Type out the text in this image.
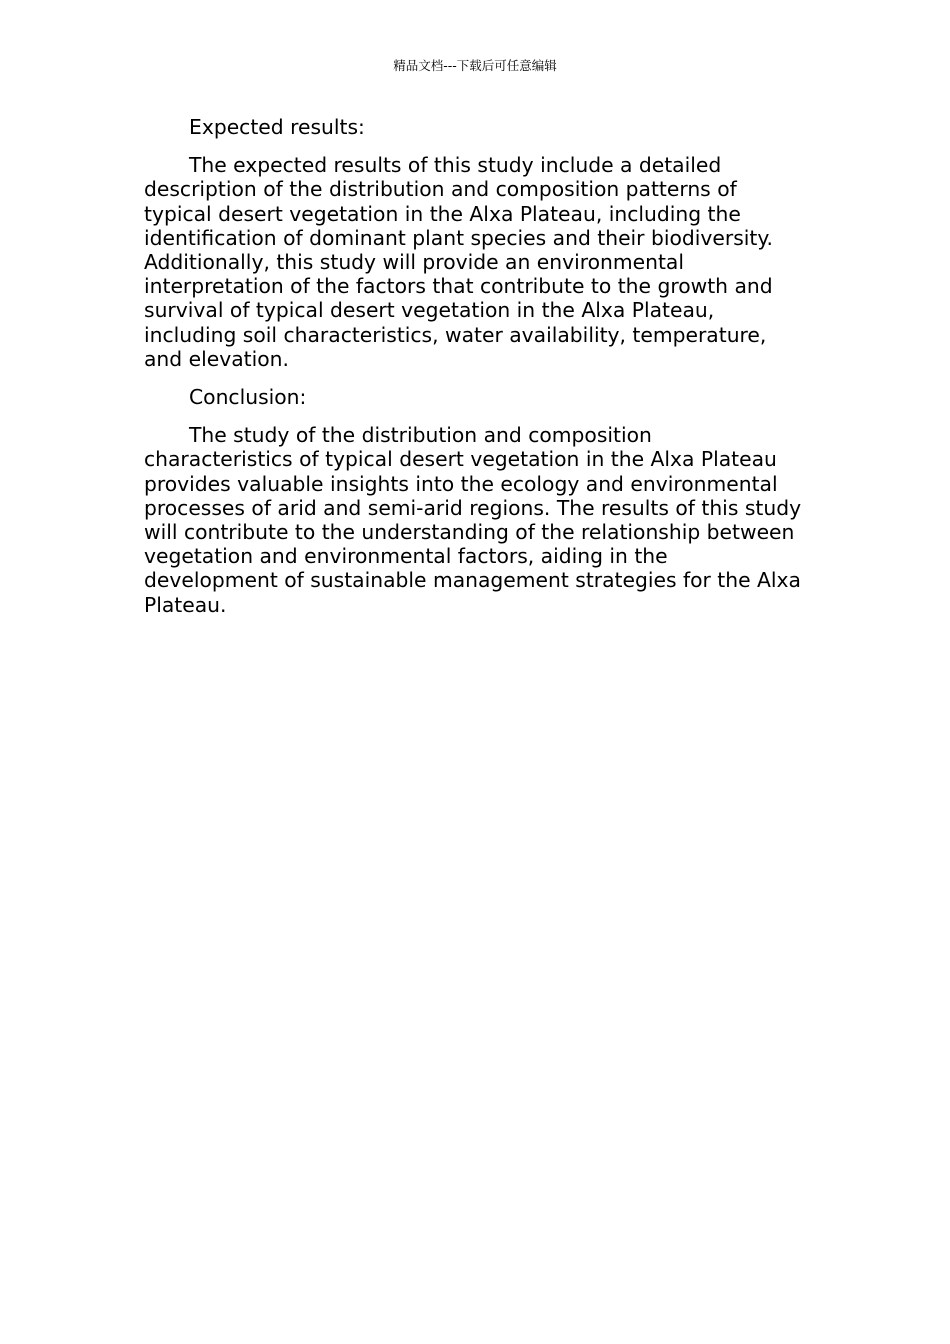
精品文档---下载后可任意编辑

Expected results:

The expected results of this study include a detailed description of the distribution and composition patterns of typical desert vegetation in the Alxa Plateau, including the identification of dominant plant species and their biodiversity. Additionally, this study will provide an environmental interpretation of the factors that contribute to the growth and survival of typical desert vegetation in the Alxa Plateau, including soil characteristics, water availability, temperature, and elevation.

Conclusion:

The study of the distribution and composition characteristics of typical desert vegetation in the Alxa Plateau provides valuable insights into the ecology and environmental processes of arid and semi-arid regions. The results of this study will contribute to the understanding of the relationship between vegetation and environmental factors, aiding in the development of sustainable management strategies for the Alxa Plateau.
